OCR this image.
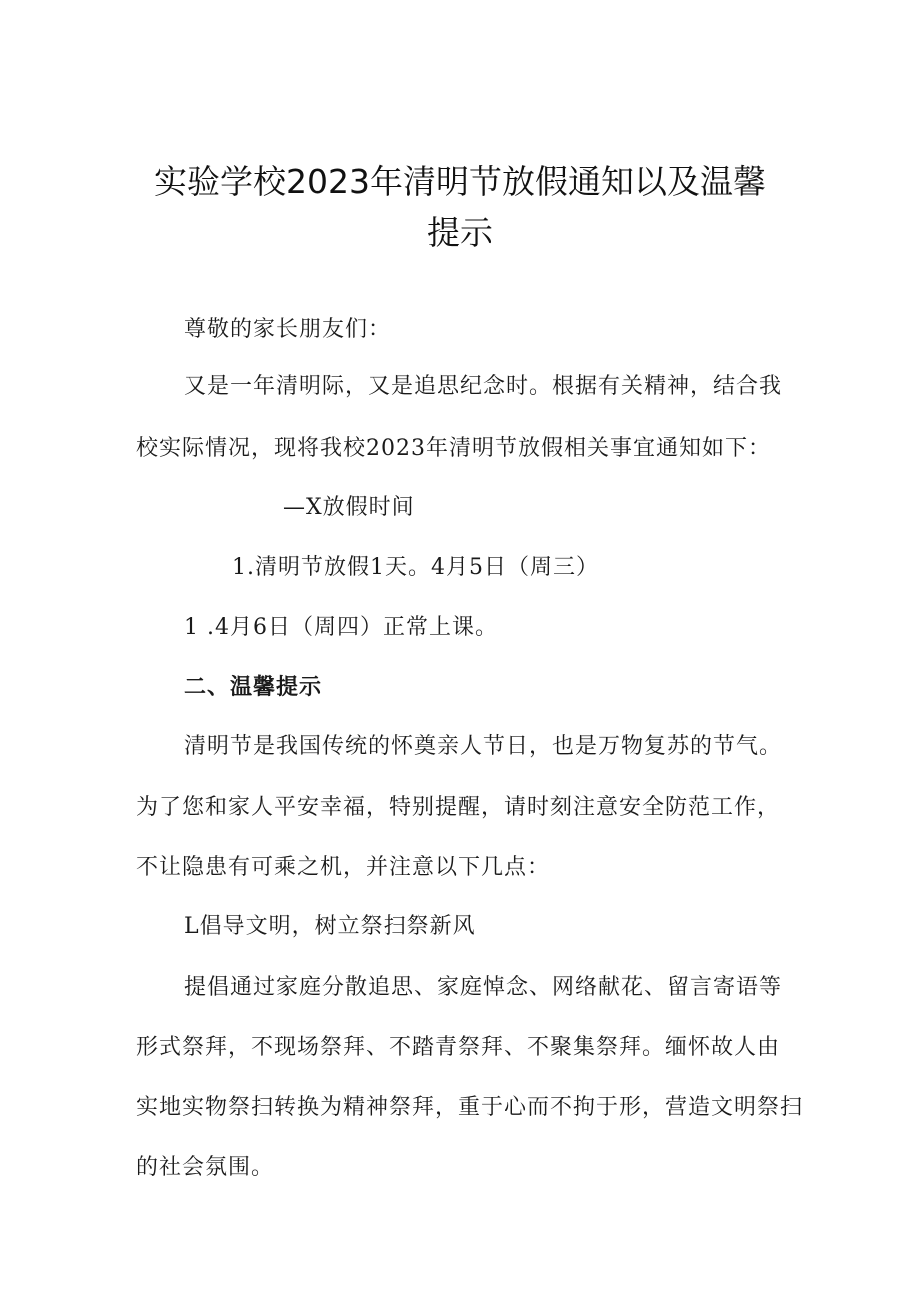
实验学校2023年清明节放假通知以及温馨
提示

尊敬的家长朋友们：

又是一年清明际，又是追思纪念时。根据有关精神，结合我

校实际情况，现将我校2023年清明节放假相关事宜通知如下：

—X放假时间

1.清明节放假1天。4月5日（周三）

1 .4月6日（周四）正常上课。

二、温馨提示

清明节是我国传统的怀奠亲人节日，也是万物复苏的节气。

为了您和家人平安幸福，特别提醒，请时刻注意安全防范工作，

不让隐患有可乘之机，并注意以下几点：

L倡导文明，树立祭扫祭新风

提倡通过家庭分散追思、家庭悼念、网络献花、留言寄语等

形式祭拜，不现场祭拜、不踏青祭拜、不聚集祭拜。缅怀故人由

实地实物祭扫转换为精神祭拜，重于心而不拘于形，营造文明祭扫

的社会氛围。
